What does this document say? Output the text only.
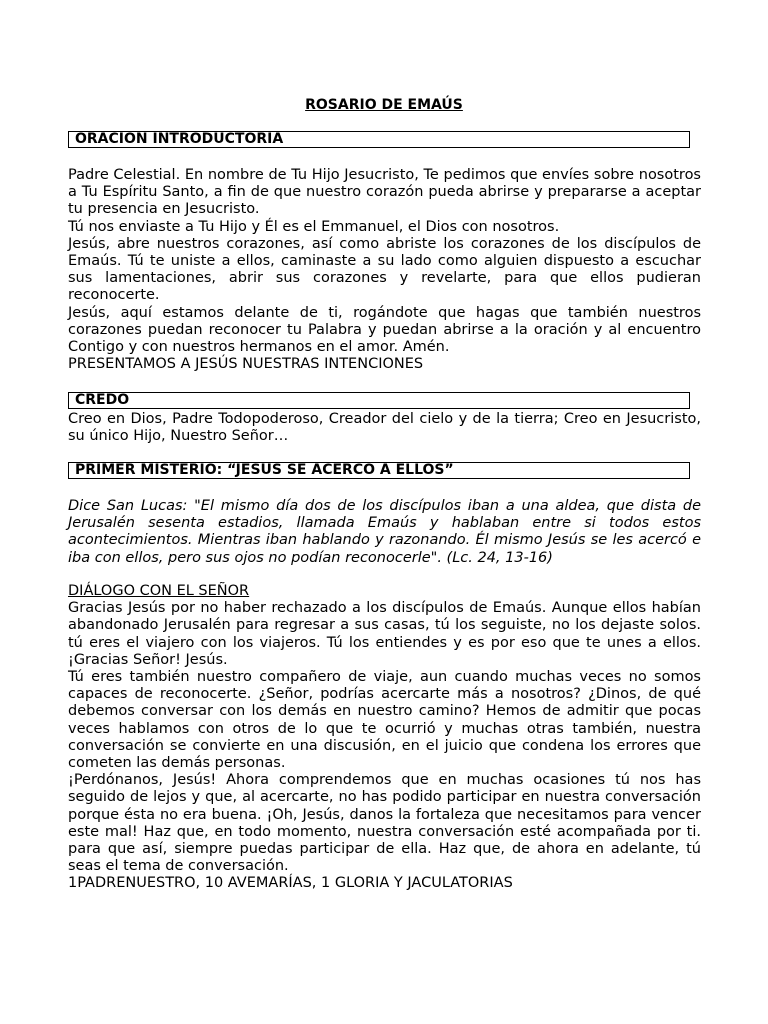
ROSARIO DE EMAÚS
ORACION INTRODUCTORIA

Padre Celestial. En nombre de Tu Hijo Jesucristo, Te pedimos que envíes sobre nosotros a Tu Espíritu Santo, a fin de que nuestro corazón pueda abrirse y prepararse a aceptar tu presencia en Jesucristo.

Tú nos enviaste a Tu Hijo y Él es el Emmanuel, el Dios con nosotros.

Jesús, abre nuestros corazones, así como abriste los corazones de los discípulos de Emaús. Tú te uniste a ellos, caminaste a su lado como alguien dispuesto a escuchar sus lamentaciones, abrir sus corazones y revelarte, para que ellos pudieran reconocerte.

Jesús, aquí estamos delante de ti, rogándote que hagas que también nuestros corazones puedan reconocer tu Palabra y puedan abrirse a la oración y al encuentro Contigo y con nuestros hermanos en el amor. Amén.

PRESENTAMOS A JESÚS NUESTRAS INTENCIONES

CREDO
Creo en Dios, Padre Todopoderoso, Creador del cielo y de la tierra; Creo en Jesucristo, su único Hijo, Nuestro Señor…
PRIMER MISTERIO: “JESUS SE ACERCO A ELLOS”
Dice San Lucas: "El mismo día dos de los discípulos iban a una aldea, que dista de Jerusalén sesenta estadios, llamada Emaús y hablaban entre si todos estos acontecimientos. Mientras iban hablando y razonando. Él mismo Jesús se les acercó e iba con ellos, pero sus ojos no podían reconocerle". (Lc. 24, 13-16)

DIÁLOGO CON EL SEÑOR

Gracias Jesús por no haber rechazado a los discípulos de Emaús. Aunque ellos habían abandonado Jerusalén para regresar a sus casas, tú los seguiste, no los dejaste solos. tú eres el viajero con los viajeros. Tú los entiendes y es por eso que te unes a ellos. ¡Gracias Señor! Jesús.

Tú eres también nuestro compañero de viaje, aun cuando muchas veces no somos capaces de reconocerte. ¿Señor, podrías acercarte más a nosotros? ¿Dinos, de qué debemos conversar con los demás en nuestro camino? Hemos de admitir que pocas veces hablamos con otros de lo que te ocurrió y muchas otras también, nuestra conversación se convierte en una discusión, en el juicio que condena los errores que cometen las demás personas.

¡Perdónanos, Jesús! Ahora comprendemos que en muchas ocasiones tú nos has seguido de lejos y que, al acercarte, no has podido participar en nuestra conversación porque ésta no era buena. ¡Oh, Jesús, danos la fortaleza que necesitamos para vencer este mal! Haz que, en todo momento, nuestra conversación esté acompañada por ti. para que así, siempre puedas participar de ella. Haz que, de ahora en adelante, tú seas el tema de conversación.

1PADRENUESTRO, 10 AVEMARÍAS, 1 GLORIA Y JACULATORIAS
